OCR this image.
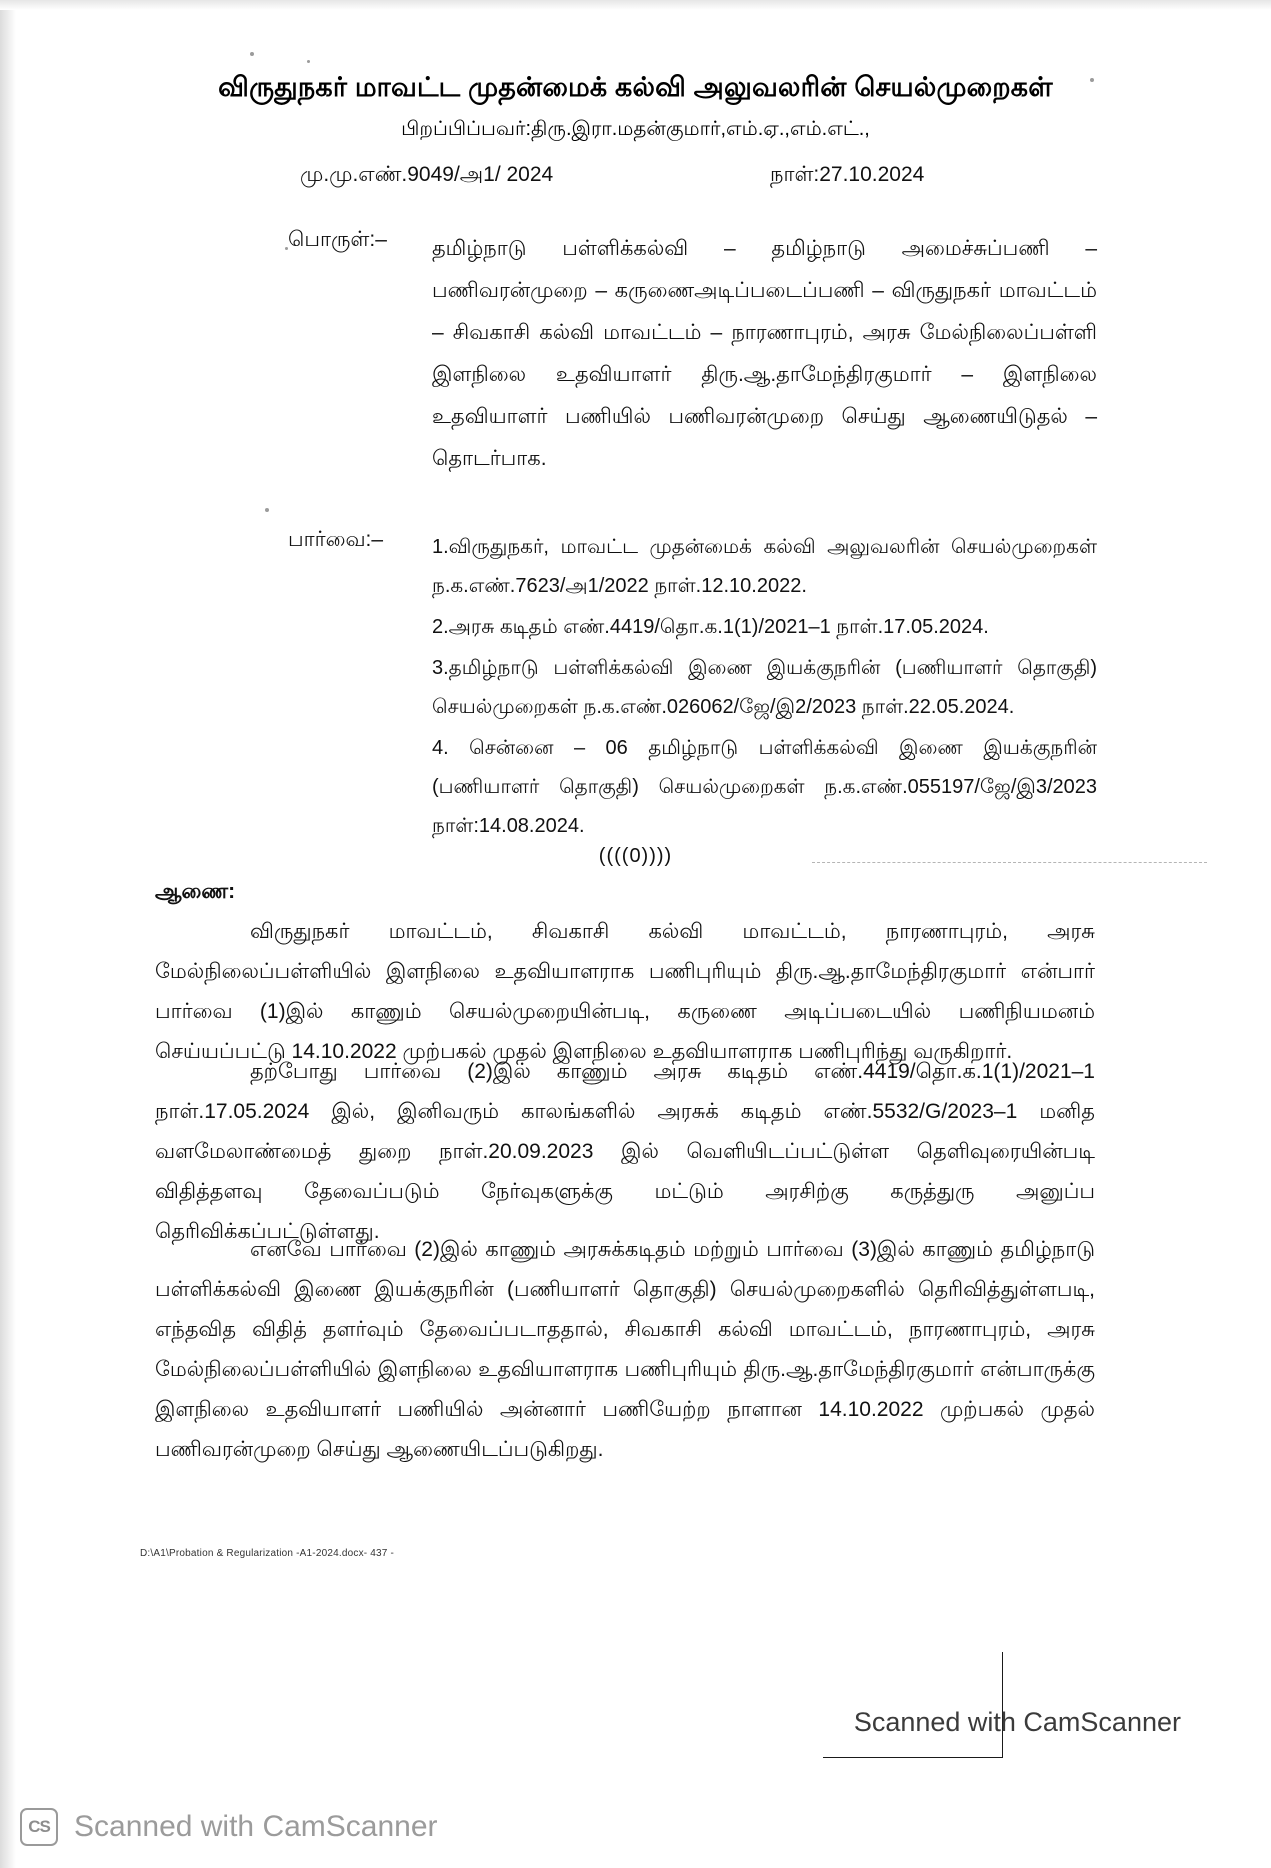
விருதுநகர் மாவட்ட முதன்மைக் கல்வி அலுவலரின் செயல்முறைகள்
பிறப்பிப்பவர்:திரு.இரா.மதன்குமார்,எம்.ஏ.,எம்.எட்.,
மு.மு.எண்.9049/அ1/ 2024	நாள்:27.10.2024
பொருள்:– தமிழ்நாடு பள்ளிக்கல்வி – தமிழ்நாடு அமைச்சுப்பணி – பணிவரன்முறை – கருணைஅடிப்படைப்பணி – விருதுநகர் மாவட்டம் – சிவகாசி கல்வி மாவட்டம் – நாரணாபுரம், அரசு மேல்நிலைப்பள்ளி இளநிலை உதவியாளர் திரு.ஆ.தாமேந்திரகுமார் – இளநிலை உதவியாளர் பணியில் பணிவரன்முறை செய்து ஆணையிடுதல் – தொடர்பாக.
பார்வை:– 1.விருதுநகர், மாவட்ட முதன்மைக் கல்வி அலுவலரின் செயல்முறைகள் ந.க.எண்.7623/அ1/2022 நாள்.12.10.2022.
2.அரசு கடிதம் எண்.4419/தொ.க.1(1)/2021–1 நாள்.17.05.2024.
3.தமிழ்நாடு பள்ளிக்கல்வி இணை இயக்குநரின் (பணியாளர் தொகுதி) செயல்முறைகள் ந.க.எண்.026062/ஜே/இ2/2023 நாள்.22.05.2024.
4. சென்னை – 06 தமிழ்நாடு பள்ளிக்கல்வி இணை இயக்குநரின் (பணியாளர் தொகுதி) செயல்முறைகள் ந.க.எண்.055197/ஜே/இ3/2023 நாள்:14.08.2024.
((((0))))
ஆணை:
விருதுநகர் மாவட்டம், சிவகாசி கல்வி மாவட்டம், நாரணாபுரம், அரசு மேல்நிலைப்பள்ளியில் இளநிலை உதவியாளராக பணிபுரியும் திரு.ஆ.தாமேந்திரகுமார் என்பார் பார்வை (1)இல் காணும் செயல்முறையின்படி, கருணை அடிப்படையில் பணிநியமனம் செய்யப்பட்டு 14.10.2022 முற்பகல் முதல் இளநிலை உதவியாளராக பணிபுரிந்து வருகிறார்.
தற்போது பார்வை (2)இல் காணும் அரசு கடிதம் எண்.4419/தொ.க.1(1)/2021–1 நாள்.17.05.2024 இல், இனிவரும் காலங்களில் அரசுக் கடிதம் எண்.5532/G/2023–1 மனித வளமேலாண்மைத் துறை நாள்.20.09.2023 இல் வெளியிடப்பட்டுள்ள தெளிவுரையின்படி விதித்தளவு தேவைப்படும் நேர்வுகளுக்கு மட்டும் அரசிற்கு கருத்துரு அனுப்ப தெரிவிக்கப்பட்டுள்ளது.
எனவே பார்வை (2)இல் காணும் அரசுக்கடிதம் மற்றும் பார்வை (3)இல் காணும் தமிழ்நாடு பள்ளிக்கல்வி இணை இயக்குநரின் (பணியாளர் தொகுதி) செயல்முறைகளில் தெரிவித்துள்ளபடி, எந்தவித விதித் தளர்வும் தேவைப்படாததால், சிவகாசி கல்வி மாவட்டம், நாரணாபுரம், அரசு மேல்நிலைப்பள்ளியில் இளநிலை உதவியாளராக பணிபுரியும் திரு.ஆ.தாமேந்திரகுமார் என்பாருக்கு இளநிலை உதவியாளர் பணியில் அன்னார் பணியேற்ற நாளான 14.10.2022 முற்பகல் முதல் பணிவரன்முறை செய்து ஆணையிடப்படுகிறது.
D:\A1\Probation & Regularization -A1-2024.docx- 437 -
Scanned with CamScanner
CS Scanned with CamScanner
